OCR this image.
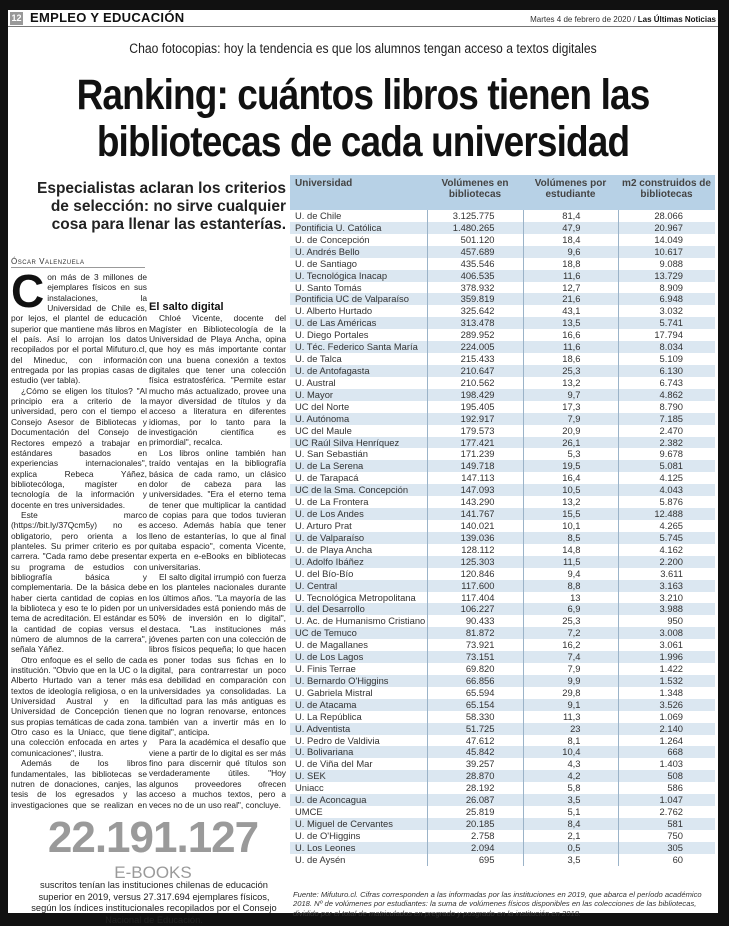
12 EMPLEO Y EDUCACIÓN	Martes 4 de febrero de 2020 / Las Últimas Noticias
Chao fotocopias: hoy la tendencia es que los alumnos tengan acceso a textos digitales
Ranking: cuántos libros tienen las
bibliotecas de cada universidad
Especialistas aclaran los criterios de selección: no sirve cualquier cosa para llenar las estanterías.
Óscar Valenzuela

Con más de 3 millones de ejemplares físicos en sus instalaciones, la Universidad de Chile es, por lejos, el plantel de educación superior que mantiene más libros en el país. Así lo arrojan los datos recopilados por el portal Mifuturo.cl, del Mineduc, con información entregada por las propias casas de estudio (ver tabla).

¿Cómo se eligen los títulos? "Al principio era a criterio de la universidad, pero con el tiempo el Consejo Asesor de Bibliotecas y Documentación del Consejo de Rectores empezó a trabajar en estándares basados en experiencias internacionales", explica Rebeca Yáñez, bibliotecóloga, magíster en tecnología de la información y docente en tres universidades.

Este marco (https://bit.ly/37Qcm5y) no es obligatorio, pero orienta a los planteles. Su primer criterio es por carrera. "Cada ramo debe presentar su programa de estudios con bibliografía básica y complementaria. De la básica debe haber cierta cantidad de copias en la biblioteca y eso te lo piden por un tema de acreditación. El estándar es la cantidad de copias versus el número de alumnos de la carrera", señala Yáñez.

Otro enfoque es el sello de cada institución. "Obvio que en la UC o la Alberto Hurtado van a tener más textos de ideología religiosa, o en la Universidad Austral y en la Universidad de Concepción tienen sus propias temáticas de cada zona. Otro caso es la Uniacc, que tiene una colección enfocada en artes y comunicaciones", ilustra.

Además de los libros fundamentales, las bibliotecas se nutren de donaciones, canjes, las tesis de los egresados y las investigaciones que se realizan en

El salto digital

Chloé Vicente, docente del Magíster en Bibliotecología de la Universidad de Playa Ancha, opina que hoy es más importante contar con una buena conexión a textos digitales que tener una colección física estratosférica. "Permite estar mucho más actualizado, provee una mayor diversidad de títulos y da acceso a literatura en diferentes idiomas, por lo tanto para la investigación científica es primordial", recalca.

Los libros online también han traído ventajas en la bibliografía básica de cada ramo, un clásico dolor de cabeza para las universidades. "Era el eterno tema de tener que multiplicar la cantidad de copias para que todos tuvieran acceso. Además había que tener lleno de estanterías, lo que al final quitaba espacio", comenta Vicente, experta en e-eBooks en bibliotecas universitarias.

El salto digital irrumpió con fuerza en los planteles nacionales durante los últimos años. "La mayoría de las universidades está poniendo más de 50% de inversión en lo digital", destaca. "Las instituciones más jóvenes parten con una colección de libros físicos pequeña; lo que hacen es poner todas sus fichas en lo digital, para contrarrestar un poco esa debilidad en comparación con universidades ya consolidadas. La dificultad para las más antiguas es que no logran renovarse, entonces también van a invertir más en lo digital", anticipa.

Para la académica el desafío que viene a partir de lo digital es ser más fino para discernir qué títulos son verdaderamente útiles. "Hoy algunos proveedores ofrecen acceso a muchos textos, pero a veces no de un uso real", concluye.

22.191.127
E-BOOKS
suscritos tenían las instituciones chilenas de educación superior en 2019, versus 27.317.694 ejemplares físicos, según los índices institucionales recopilados por el Consejo Nacional de Educación.
Universidad	Volúmenes en bibliotecas	Volúmenes por estudiante	m2 construidos de bibliotecas
U. de Chile	3.125.775	81,4	28.066
Pontificia U. Católica	1.480.265	47,9	20.967
U. de Concepción	501.120	18,4	14.049
U. Andrés Bello	457.689	9,6	10.617
U. de Santiago	435.546	18,8	9.088
U. Tecnológica Inacap	406.535	11,6	13.729
U. Santo Tomás	378.932	12,7	8.909
Pontificia UC de Valparaíso	359.819	21,6	6.948
U. Alberto Hurtado	325.642	43,1	3.032
U. de Las Américas	313.478	13,5	5.741
U. Diego Portales	289.952	16,6	17.794
U. Téc. Federico Santa María	224.005	11,6	8.034
U. de Talca	215.433	18,6	5.109
U. de Antofagasta	210.647	25,3	6.130
U. Austral	210.562	13,2	6.743
U. Mayor	198.429	9,7	4.862
UC del Norte	195.405	17,3	8.790
U. Autónoma	192.917	7,9	7.185
UC del Maule	179.573	20,9	2.470
UC Raúl Silva Henríquez	177.421	26,1	2.382
U. San Sebastián	171.239	5,3	9.678
U. de La Serena	149.718	19,5	5.081
U. de Tarapacá	147.113	16,4	4.125
UC de la Sma. Concepción	147.093	10,5	4.043
U. de La Frontera	143.290	13,2	5.876
U. de Los Andes	141.767	15,5	12.488
U. Arturo Prat	140.021	10,1	4.265
U. de Valparaíso	139.036	8,5	5.745
U. de Playa Ancha	128.112	14,8	4.162
U. Adolfo Ibáñez	125.303	11,5	2.200
U. del Bío-Bío	120.846	9,4	3.611
U. Central	117.600	8,8	3.163
U. Tecnológica Metropolitana	117.404	13	3.210
U. del Desarrollo	106.227	6,9	3.988
U. Ac. de Humanismo Cristiano	90.433	25,3	950
UC de Temuco	81.872	7,2	3.008
U. de Magallanes	73.921	16,2	3.061
U. de Los Lagos	73.151	7,4	1.996
U. Finis Terrae	69.820	7,9	1.422
U. Bernardo O'Higgins	66.856	9,9	1.532
U. Gabriela Mistral	65.594	29,8	1.348
U. de Atacama	65.154	9,1	3.526
U. La República	58.330	11,3	1.069
U. Adventista	51.725	23	2.140
U. Pedro de Valdivia	47.612	8,1	1.264
U. Bolivariana	45.842	10,4	668
U. de Viña del Mar	39.257	4,3	1.403
U. SEK	28.870	4,2	508
Uniacc	28.192	5,8	586
U. de Aconcagua	26.087	3,5	1.047
UMCE	25.819	5,1	2.762
U. Miguel de Cervantes	20.185	8,4	581
U. de O'Higgins	2.758	2,1	750
U. Los Leones	2.094	0,5	305
U. de Aysén	695	3,5	60
Fuente: Mifuturo.cl. Cifras corresponden a las informadas por las instituciones en 2019, que abarca el período académico 2018. Nº de volúmenes por estudiantes: la suma de volúmenes físicos disponibles en las colecciones de las bibliotecas, dividido por el total de matriculados en pregrado y posgrado en la institución en 2018.
